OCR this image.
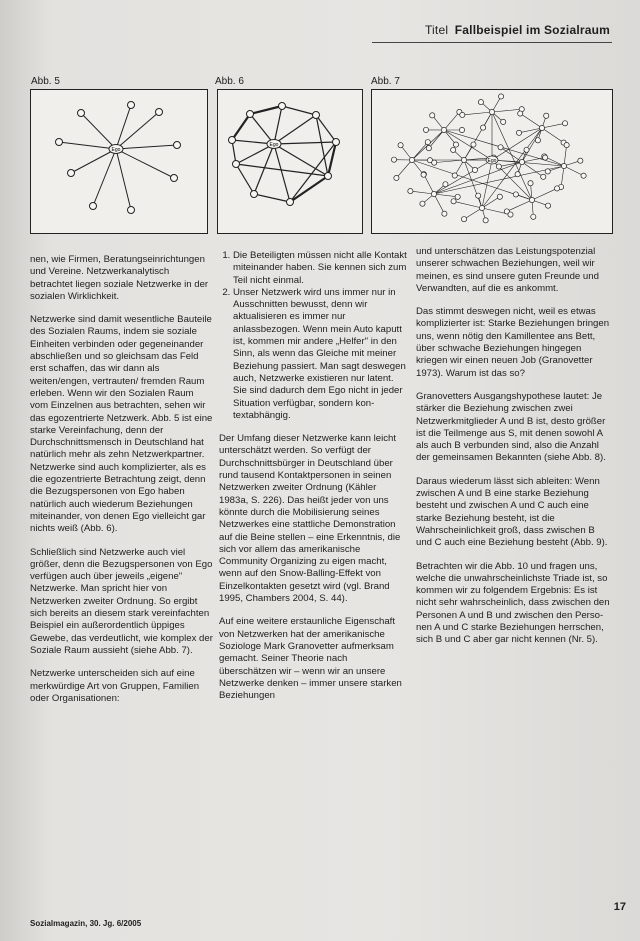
Titel Fallbeispiel im Sozialraum
Abb. 5	Abb. 6	Abb. 7
Ego
Ego
Ego

nen, wie Firmen, Beratungseinrichtungen und Vereine. Netzwerkanalytisch betrachtet liegen soziale Netzwerke in der sozialen Wirklichkeit.

Netzwerke sind damit wesentliche Bauteile des Sozialen Raums, indem sie soziale Einheiten verbinden oder gegeneinander abschließen und so gleichsam das Feld erst schaffen, das wir dann als weiten/engen, vertrauten/ fremden Raum erleben. Wenn wir den Sozialen Raum vom Einzelnen aus betrachten, sehen wir das egozentrierte Netzwerk. Abb. 5 ist eine starke Vereinfachung, denn der Durchschnittsmensch in Deutschland hat natürlich mehr als zehn Netzwerkpartner. Netzwerke sind auch komplizierter, als es die egozentrierte Betrachtung zeigt, denn die Bezugspersonen von Ego haben natürlich auch wiederum Beziehungen miteinander, von denen Ego vielleicht gar nichts weiß (Abb. 6).

Schließlich sind Netzwerke auch viel größer, denn die Bezugspersonen von Ego verfügen auch über jeweils „eigene" Netzwerke. Man spricht hier von Netzwerken zweiter Ordnung. So ergibt sich bereits an diesem stark vereinfachten Beispiel ein außerordentlich üppiges Gewebe, das verdeutlicht, wie komplex der Soziale Raum aussieht (siehe Abb. 7).

Netzwerke unterscheiden sich auf eine merkwürdige Art von Gruppen, Familien oder Organisationen:

1. Die Beteiligten müssen nicht alle Kontakt miteinander haben. Sie kennen sich zum Teil nicht einmal.
2. Unser Netzwerk wird uns immer nur in Ausschnitten bewusst, denn wir aktualisieren es immer nur anlassbezogen. Wenn mein Auto kaputt ist, kommen mir andere „Helfer" in den Sinn, als wenn das Gleiche mit meiner Beziehung passiert. Man sagt deswegen auch, Netzwerke existieren nur latent. Sie sind dadurch dem Ego nicht in jeder Situation verfügbar, sondern kontextabhängig.

Der Umfang dieser Netzwerke kann leicht unterschätzt werden. So verfügt der Durchschnittsbürger in Deutschland über rund tausend Kontaktpersonen in seinen Netzwerken zweiter Ordnung (Kähler 1983a, S. 226). Das heißt jeder von uns könnte durch die Mobilisierung seines Netzwerkes eine stattliche Demonstration auf die Beine stellen – eine Erkenntnis, die sich vor allem das amerikanische Community Organizing zu eigen macht, wenn auf den Snow-Balling-Effekt von Einzelkontakten gesetzt wird (vgl. Brand 1995, Chambers 2004, S. 44).

Auf eine weitere erstaunliche Eigenschaft von Netzwerken hat der amerikanische Soziologe Mark Granovetter aufmerksam gemacht. Seiner Theorie nach überschätzen wir – wenn wir an unsere Netzwerke denken – immer unsere starken Beziehungen

und unterschätzen das Leistungspotenzial unserer schwachen Beziehungen, weil wir meinen, es sind unsere guten Freunde und Verwandten, auf die es ankommt.

Das stimmt deswegen nicht, weil es etwas komplizierter ist: Starke Beziehungen bringen uns, wenn nötig den Kamillentee ans Bett, über schwache Beziehungen hingegen kriegen wir einen neuen Job (Granovetter 1973). Warum ist das so?

Granovetters Ausgangshypothese lautet: Je stärker die Beziehung zwischen zwei Netzwerkmitglieder A und B ist, desto größer ist die Teilmenge aus S, mit denen sowohl A als auch B verbunden sind, also die Anzahl der gemeinsamen Bekannten (siehe Abb. 8).

Daraus wiederum lässt sich ableiten: Wenn zwischen A und B eine starke Beziehung besteht und zwischen A und C auch eine starke Beziehung besteht, ist die Wahrscheinlichkeit groß, dass zwischen B und C auch eine Beziehung besteht (Abb. 9).

Betrachten wir die Abb. 10 und fragen uns, welche die unwahrscheinlichste Triade ist, so kommen wir zu folgendem Ergebnis: Es ist nicht sehr wahrscheinlich, dass zwischen den Personen A und B und zwischen den Personen A und C starke Beziehungen herrschen, sich B und C aber gar nicht kennen (Nr. 5).

Sozialmagazin, 30. Jg. 6/2005
17
